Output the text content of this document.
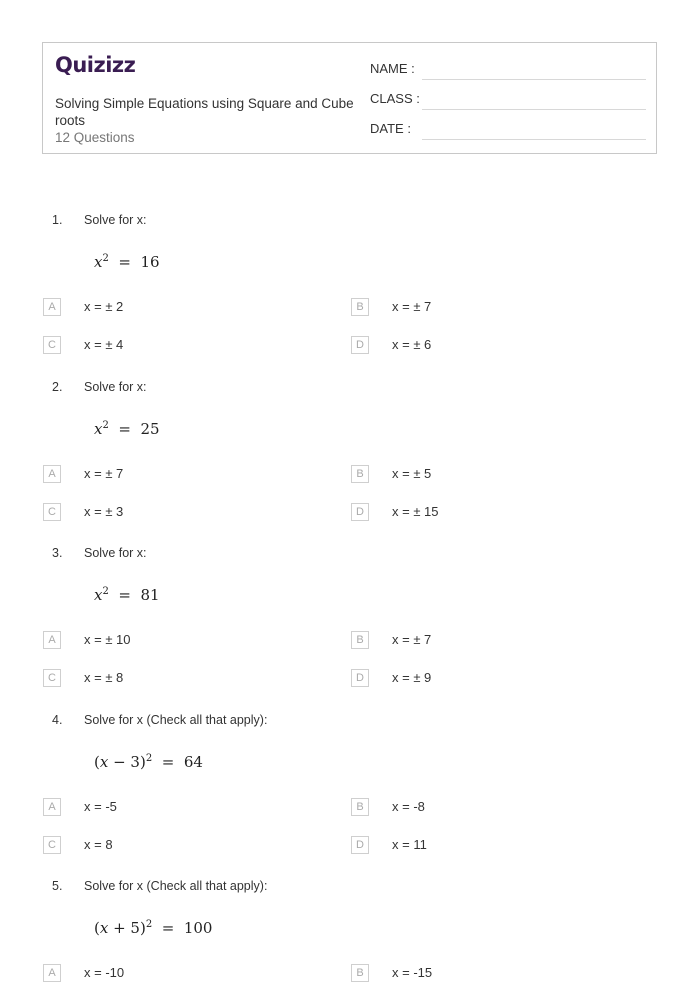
Quizizz
Solving Simple Equations using Square and Cube roots
12 Questions
NAME :
CLASS :
DATE :
1. Solve for x:
$x^2 = 16$
A	x = ± 2	B	x = ± 7
C	x = ± 4	D	x = ± 6
2. Solve for x:
$x^2 = 25$
A	x = ± 7	B	x = ± 5
C	x = ± 3	D	x = ± 15
3. Solve for x:
$x^2 = 81$
A	x = ± 10	B	x = ± 7
C	x = ± 8	D	x = ± 9
4. Solve for x (Check all that apply):
$(x - 3)^2 = 64$
A	x = -5	B	x = -8
C	x = 8	D	x = 11
5. Solve for x (Check all that apply):
$(x + 5)^2 = 100$
A	x = -10	B	x = -15
